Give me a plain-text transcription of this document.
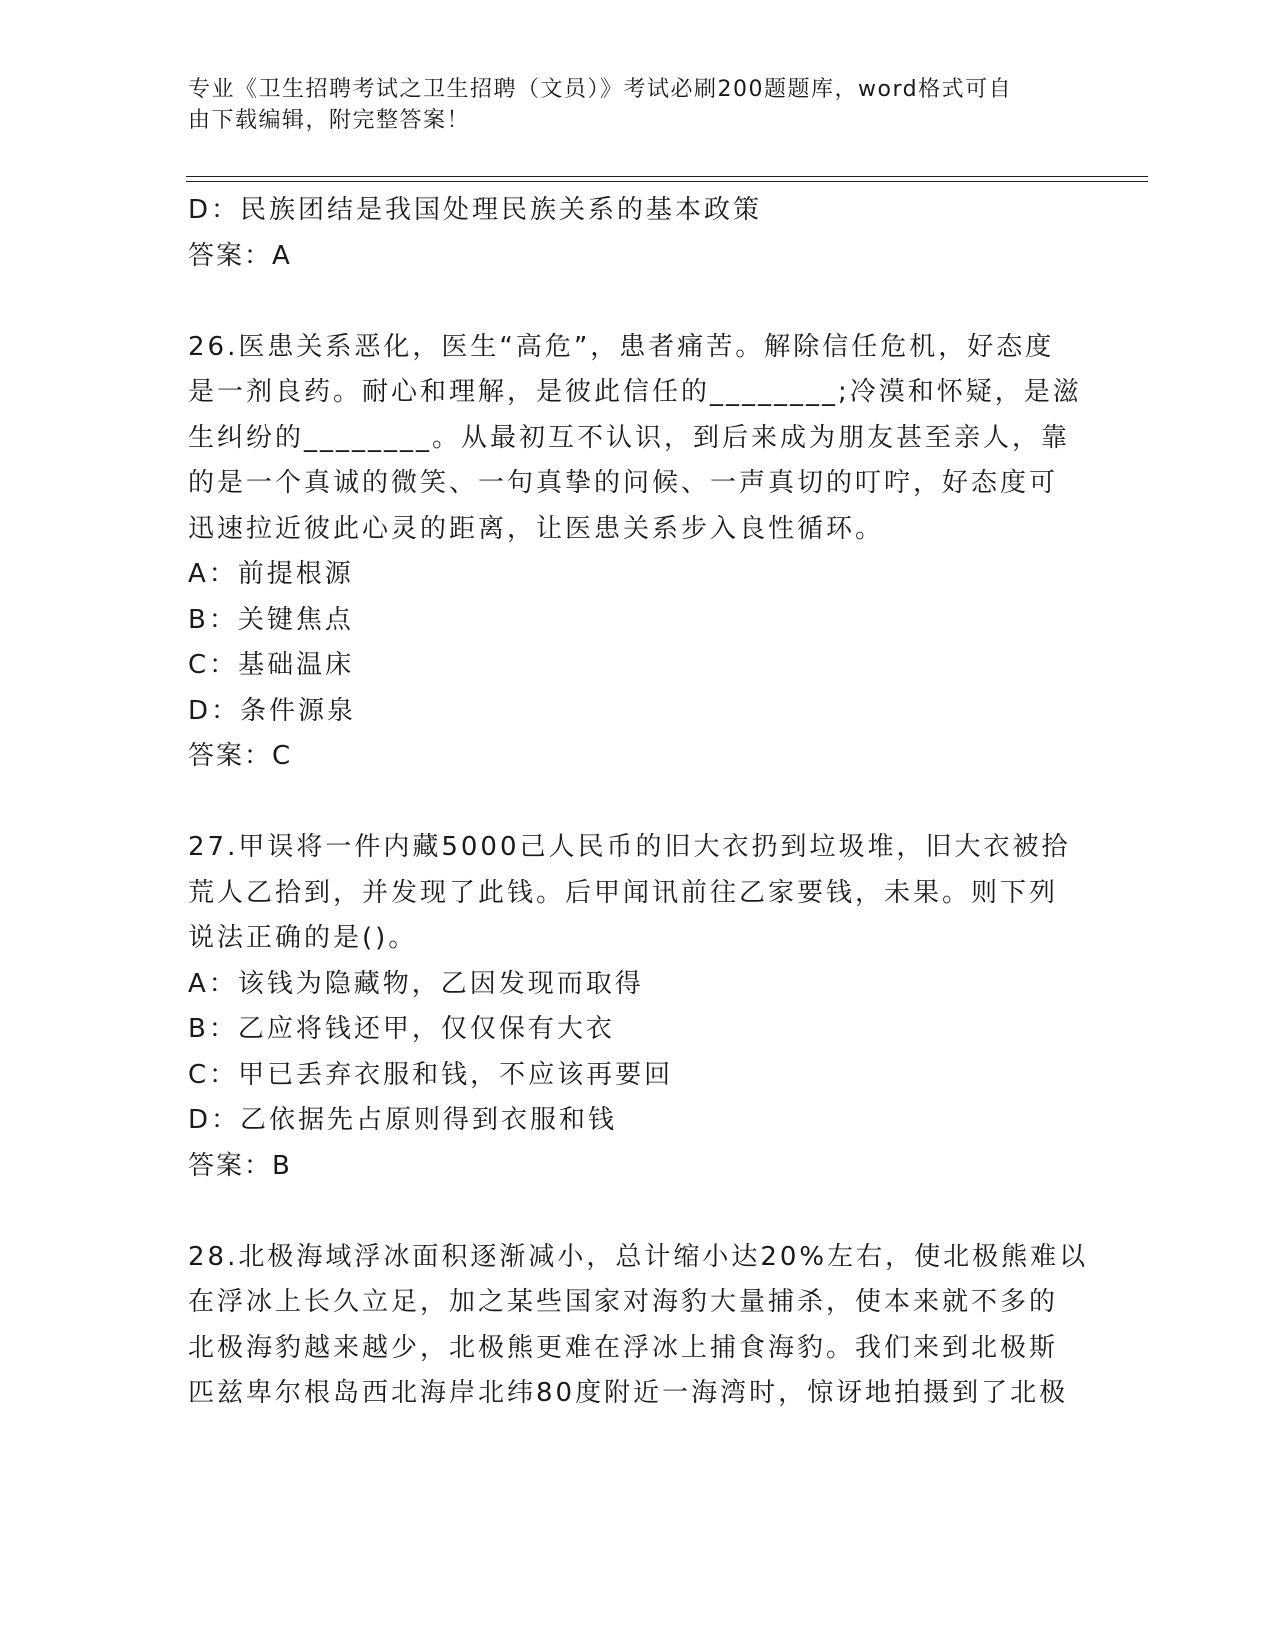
专业《卫生招聘考试之卫生招聘（文员）》考试必刷200题题库，word格式可自
由下载编辑，附完整答案！
D：民族团结是我国处理民族关系的基本政策
答案：A
26.医患关系恶化，医生“高危”，患者痛苦。解除信任危机，好态度
是一剂良药。耐心和理解，是彼此信任的________;冷漠和怀疑，是滋
生纠纷的________。从最初互不认识，到后来成为朋友甚至亲人，靠
的是一个真诚的微笑、一句真挚的问候、一声真切的叮咛，好态度可
迅速拉近彼此心灵的距离，让医患关系步入良性循环。
A：前提根源
B：关键焦点
C：基础温床
D：条件源泉
答案：C
27.甲误将一件内藏5000己人民币的旧大衣扔到垃圾堆，旧大衣被拾
荒人乙拾到，并发现了此钱。后甲闻讯前往乙家要钱，未果。则下列
说法正确的是()。
A：该钱为隐藏物，乙因发现而取得
B：乙应将钱还甲，仅仅保有大衣
C：甲已丢弃衣服和钱，不应该再要回
D：乙依据先占原则得到衣服和钱
答案：B
28.北极海域浮冰面积逐渐减小，总计缩小达20%左右，使北极熊难以
在浮冰上长久立足，加之某些国家对海豹大量捕杀，使本来就不多的
北极海豹越来越少，北极熊更难在浮冰上捕食海豹。我们来到北极斯
匹兹卑尔根岛西北海岸北纬80度附近一海湾时，惊讶地拍摄到了北极
